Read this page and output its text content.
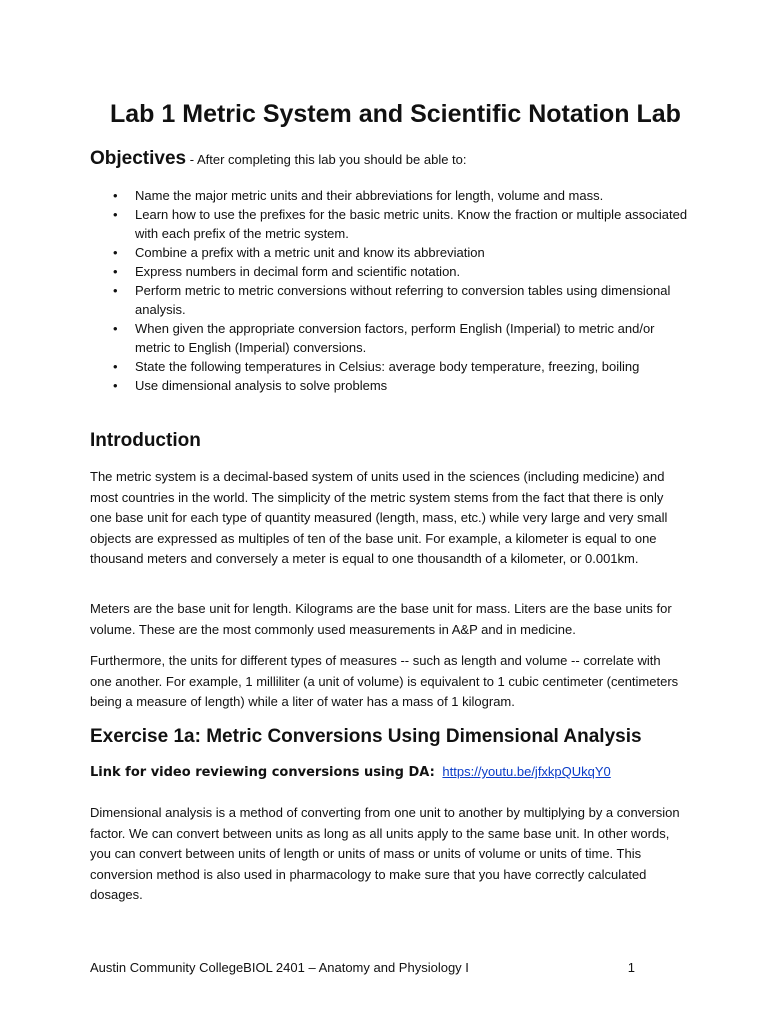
Lab 1 Metric System and Scientific Notation Lab
Objectives - After completing this lab you should be able to:
• Name the major metric units and their abbreviations for length, volume and mass.
• Learn how to use the prefixes for the basic metric units. Know the fraction or multiple associated with each prefix of the metric system.
• Combine a prefix with a metric unit and know its abbreviation
• Express numbers in decimal form and scientific notation.
• Perform metric to metric conversions without referring to conversion tables using dimensional analysis.
• When given the appropriate conversion factors, perform English (Imperial) to metric and/or metric to English (Imperial) conversions.
• State the following temperatures in Celsius: average body temperature, freezing, boiling
• Use dimensional analysis to solve problems
Introduction

The metric system is a decimal-based system of units used in the sciences (including medicine) and most countries in the world. The simplicity of the metric system stems from the fact that there is only one base unit for each type of quantity measured (length, mass, etc.) while very large and very small objects are expressed as multiples of ten of the base unit. For example, a kilometer is equal to one thousand meters and conversely a meter is equal to one thousandth of a kilometer, or 0.001km.

Meters are the base unit for length. Kilograms are the base unit for mass. Liters are the base units for volume. These are the most commonly used measurements in A&P and in medicine.

Furthermore, the units for different types of measures -- such as length and volume -- correlate with one another. For example, 1 milliliter (a unit of volume) is equivalent to 1 cubic centimeter (centimeters being a measure of length) while a liter of water has a mass of 1 kilogram.

Exercise 1a: Metric Conversions Using Dimensional Analysis
Link for video reviewing conversions using DA: https://youtu.be/jfxkpQUkqY0

Dimensional analysis is a method of converting from one unit to another by multiplying by a conversion factor. We can convert between units as long as all units apply to the same base unit. In other words, you can convert between units of length or units of mass or units of volume or units of time. This conversion method is also used in pharmacology to make sure that you have correctly calculated dosages.

Austin Community CollegeBIOL 2401 – Anatomy and Physiology I	1
